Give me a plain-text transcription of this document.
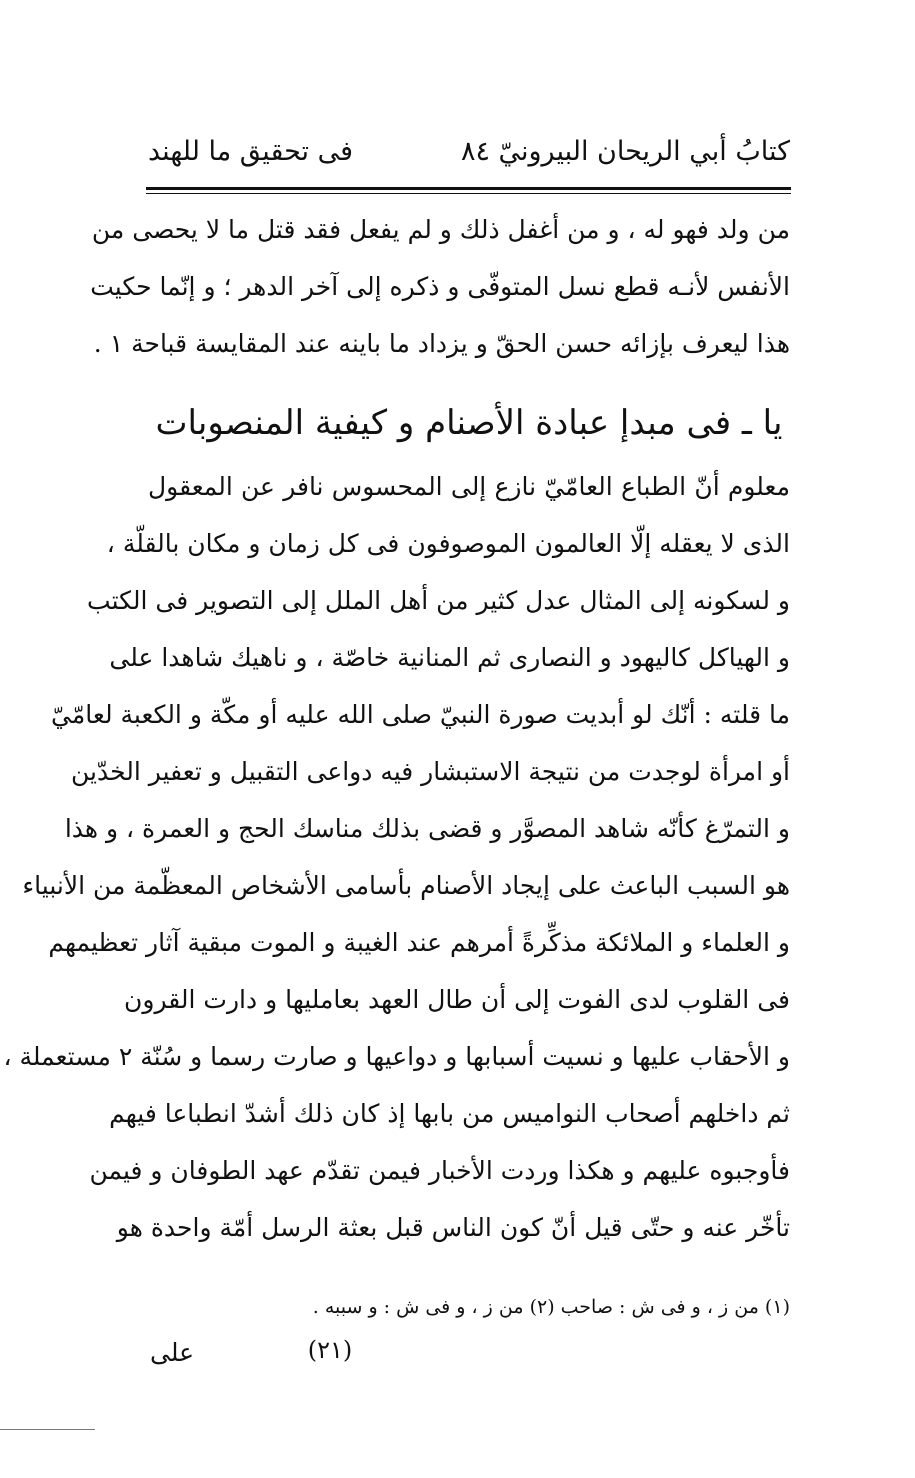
كتابُ أبي الريحان البيرونيّ
٨٤
فى تحقيق ما للهند
من ولد فهو له ، و من أغفل ذلك و لم يفعل فقد قتل ما لا يحصى من
الأنفس لأنـه قطع نسل المتوفّى و ذكره إلى آخر الدهر ؛ و إنّما حكيت
هذا ليعرف بإزائه حسن الحقّ و يزداد ما باينه عند المقايسة قباحة ١ .
يا ـ فى مبدإ عبادة الأصنام و كيفية المنصوبات
معلوم أنّ الطباع العامّيّ نازع إلى المحسوس نافر عن المعقول
الذى لا يعقله إلّا العالمون الموصوفون فى كل زمان و مكان بالقلّة ،
و لسكونه إلى المثال عدل كثير من أهل الملل إلى التصوير فى الكتب
و الهياكل كاليهود و النصارى ثم المنانية خاصّة ، و ناهيك شاهدا على
ما قلته : أنّك لو أبديت صورة النبيّ صلى الله عليه أو مكّة و الكعبة لعامّيّ
أو امرأة لوجدت من نتيجة الاستبشار فيه دواعى التقبيل و تعفير الخدّين
و التمرّغ كأنّه شاهد المصوَّر و قضى بذلك مناسك الحج و العمرة ، و هذا
هو السبب الباعث على إيجاد الأصنام بأسامى الأشخاص المعظّمة من الأنبياء
و العلماء و الملائكة مذكِّرةً أمرهم عند الغيبة و الموت مبقية آثار تعظيمهم
فى القلوب لدى الفوت إلى أن طال العهد بعامليها و دارت القرون
و الأحقاب عليها و نسيت أسبابها و دواعيها و صارت رسما و سُنّة ٢ مستعملة ،
ثم داخلهم أصحاب النواميس من بابها إذ كان ذلك أشدّ انطباعا فيهم
فأوجبوه عليهم و هكذا وردت الأخبار فيمن تقدّم عهد الطوفان و فيمن
تأخّر عنه و حتّى قيل أنّ كون الناس قبل بعثة الرسل أمّة واحدة هو
(١) من ز ، و فى ش : صاحب (٢) من ز ، و فى ش : و سببه .
(٢١)
على
